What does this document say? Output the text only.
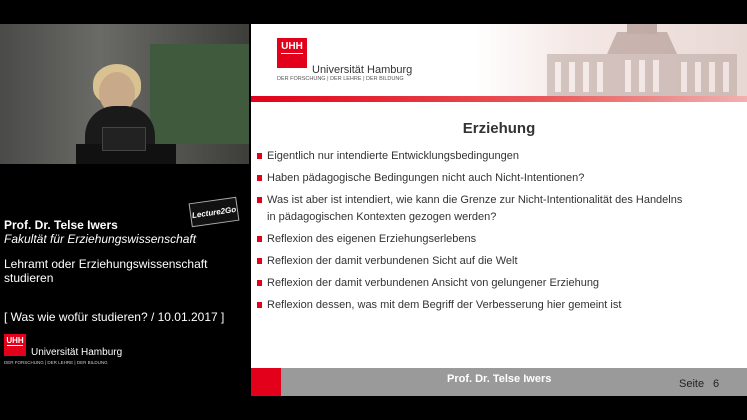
Lecture2Go
Prof. Dr. Telse Iwers
Fakultät für Erziehungswissenschaft
Lehramt oder Erziehungswissenschaft
studieren
[ Was wie wofür studieren? / 10.01.2017 ]
UHH
Universität Hamburg
DER FORSCHUNG | DER LEHRE | DER BILDUNG
UHH
Universität Hamburg
DER FORSCHUNG | DER LEHRE | DER BILDUNG
Erziehung
Eigentlich nur intendierte Entwicklungsbedingungen
Haben pädagogische Bedingungen nicht auch Nicht-Intentionen?
Was ist aber ist intendiert, wie kann die Grenze zur Nicht-Intentionalität des Handelns
in pädagogischen Kontexten gezogen werden?
Reflexion des eigenen Erziehungserlebens
Reflexion der damit verbundenen Sicht auf die Welt
Reflexion der damit verbundenen Ansicht von gelungener Erziehung
Reflexion dessen, was mit dem Begriff der Verbesserung hier gemeint ist
Prof. Dr. Telse Iwers	Seite 6
